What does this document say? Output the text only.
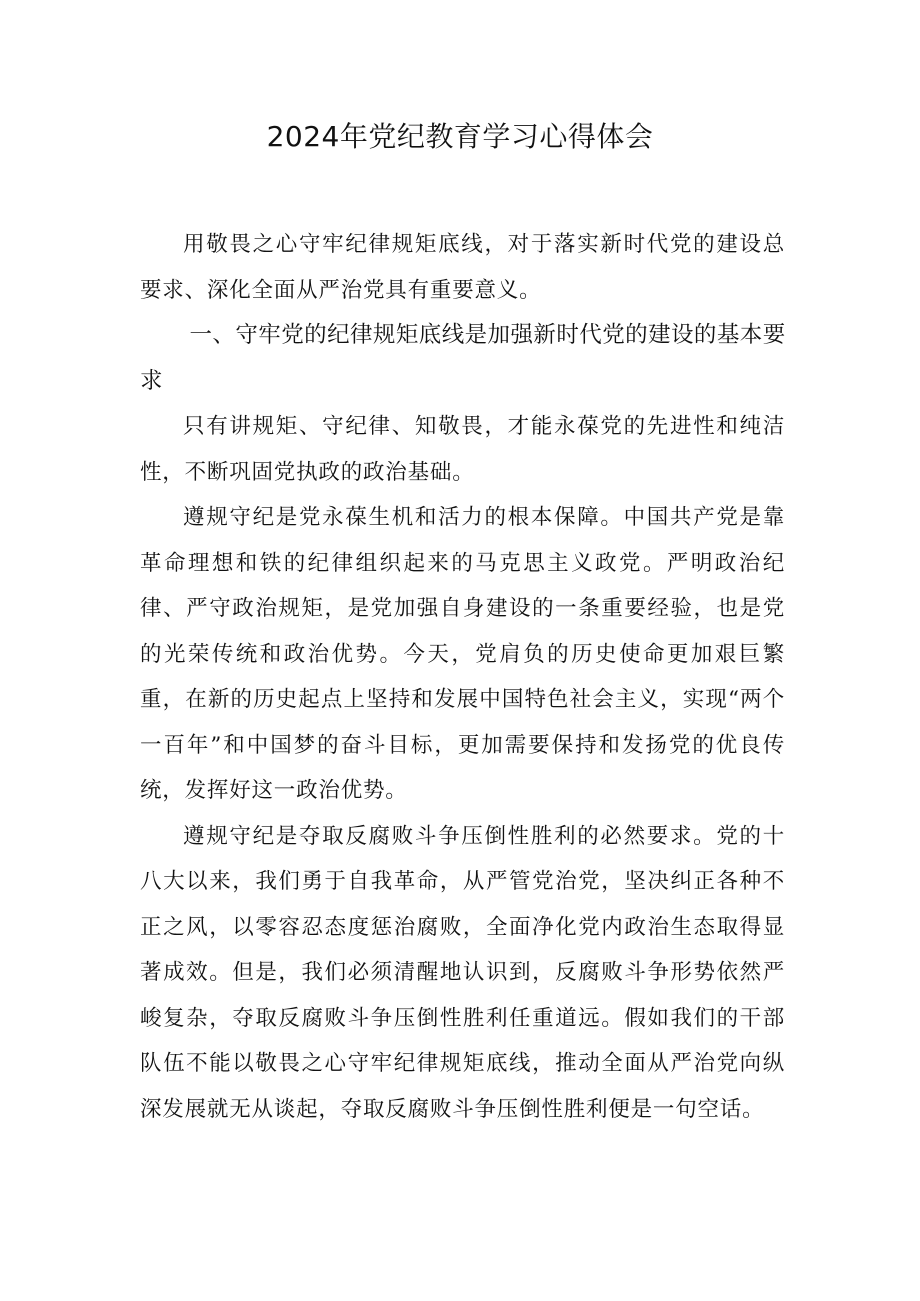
2024年党纪教育学习心得体会

用敬畏之心守牢纪律规矩底线，对于落实新时代党的建设总要求、深化全面从严治党具有重要意义。

一、守牢党的纪律规矩底线是加强新时代党的建设的基本要求

只有讲规矩、守纪律、知敬畏，才能永葆党的先进性和纯洁性，不断巩固党执政的政治基础。

遵规守纪是党永葆生机和活力的根本保障。中国共产党是靠革命理想和铁的纪律组织起来的马克思主义政党。严明政治纪律、严守政治规矩，是党加强自身建设的一条重要经验，也是党的光荣传统和政治优势。今天，党肩负的历史使命更加艰巨繁重，在新的历史起点上坚持和发展中国特色社会主义，实现“两个一百年”和中国梦的奋斗目标，更加需要保持和发扬党的优良传统，发挥好这一政治优势。

遵规守纪是夺取反腐败斗争压倒性胜利的必然要求。党的十八大以来，我们勇于自我革命，从严管党治党，坚决纠正各种不正之风，以零容忍态度惩治腐败，全面净化党内政治生态取得显著成效。但是，我们必须清醒地认识到，反腐败斗争形势依然严峻复杂，夺取反腐败斗争压倒性胜利任重道远。假如我们的干部队伍不能以敬畏之心守牢纪律规矩底线，推动全面从严治党向纵深发展就无从谈起，夺取反腐败斗争压倒性胜利便是一句空话。
